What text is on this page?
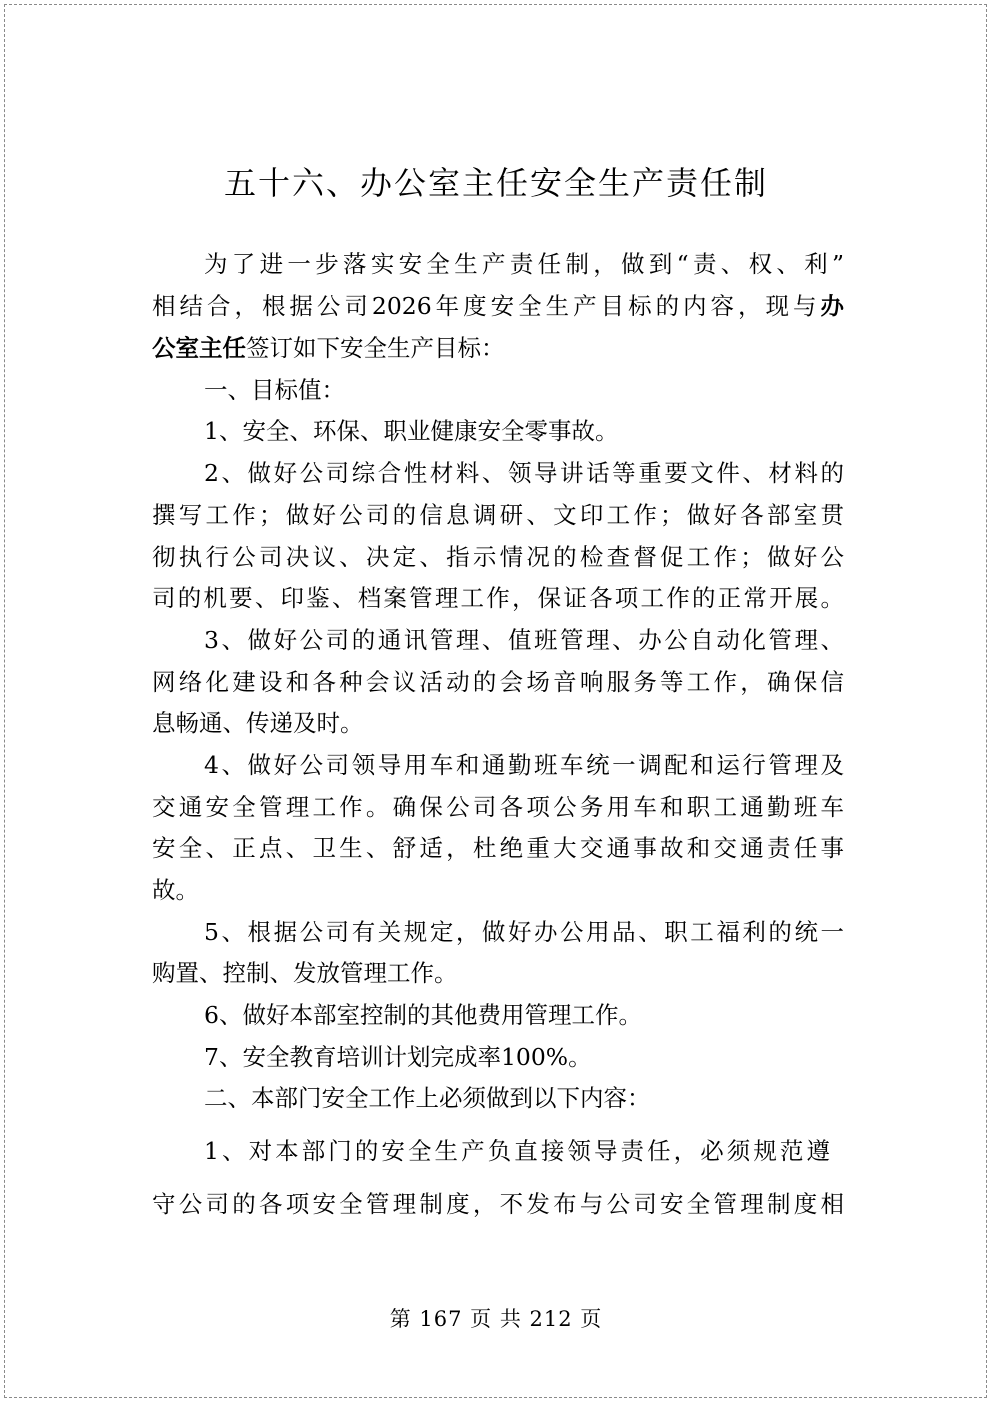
五十六、办公室主任安全生产责任制
为了进一步落实安全生产责任制，做到“责、权、利”
相结合，根据公司2026年度安全生产目标的内容，现与办
公室主任签订如下安全生产目标：
一、目标值：
1、安全、环保、职业健康安全零事故。
2、做好公司综合性材料、领导讲话等重要文件、材料的
撰写工作；做好公司的信息调研、文印工作；做好各部室贯
彻执行公司决议、决定、指示情况的检查督促工作；做好公
司的机要、印鉴、档案管理工作，保证各项工作的正常开展。
3、做好公司的通讯管理、值班管理、办公自动化管理、
网络化建设和各种会议活动的会场音响服务等工作，确保信
息畅通、传递及时。
4、做好公司领导用车和通勤班车统一调配和运行管理及
交通安全管理工作。确保公司各项公务用车和职工通勤班车
安全、正点、卫生、舒适，杜绝重大交通事故和交通责任事
故。
5、根据公司有关规定，做好办公用品、职工福利的统一
购置、控制、发放管理工作。
6、做好本部室控制的其他费用管理工作。
7、安全教育培训计划完成率100%。
二、本部门安全工作上必须做到以下内容：
1、对本部门的安全生产负直接领导责任，必须规范遵
守公司的各项安全管理制度，不发布与公司安全管理制度相
第 167 页 共 212 页
